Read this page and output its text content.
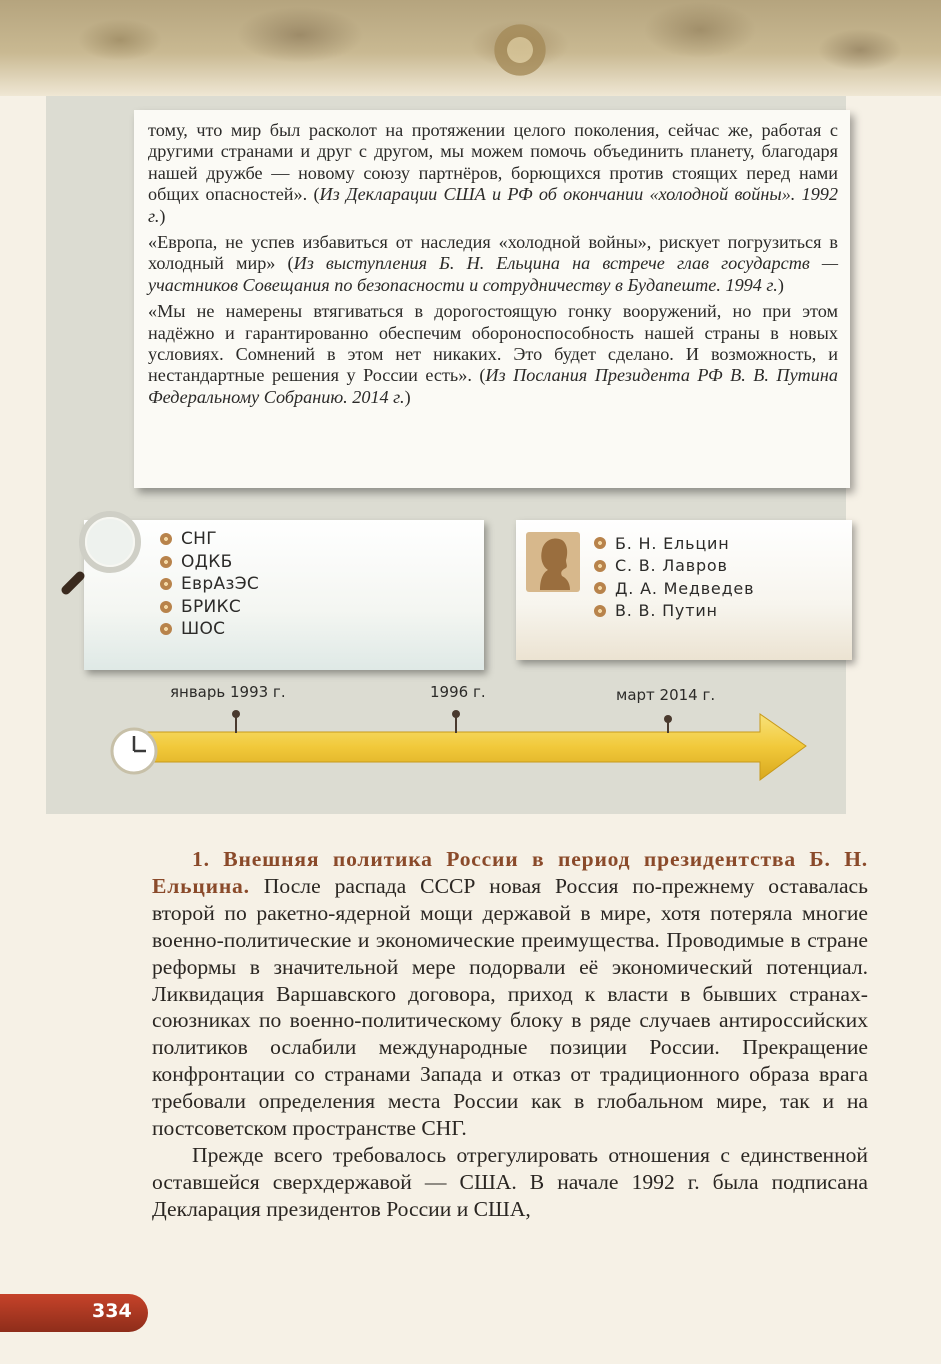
тому, что мир был расколот на протяжении целого поколения, сейчас же, работая с другими странами и друг с другом, мы можем помочь объединить планету, благодаря нашей дружбе — новому союзу партнёров, борющихся против стоящих перед нами общих опасностей». (Из Декларации США и РФ об окончании «холодной войны». 1992 г.)

«Европа, не успев избавиться от наследия «холодной войны», рискует погрузиться в холодный мир» (Из выступления Б. Н. Ельцина на встрече глав государств — участников Совещания по безопасности и сотрудничеству в Будапеште. 1994 г.)

«Мы не намерены втягиваться в дорогостоящую гонку вооружений, но при этом надёжно и гарантированно обеспечим обороноспособность нашей страны в новых условиях. Сомнений в этом нет никаких. Это будет сделано. И возможность, и нестандартные решения у России есть». (Из Послания Президента РФ В. В. Путина Федеральному Собранию. 2014 г.)

СНГ
ОДКБ
ЕврАзЭС
БРИКС
ШОС
Б. Н. Ельцин
С. В. Лавров
Д. А. Медведев
В. В. Путин
январь 1993 г.	1996 г.	март 2014 г.

1. Внешняя политика России в период президентства Б. Н. Ельцина. После распада СССР новая Россия по-прежнему оставалась второй по ракетно-ядерной мощи державой в мире, хотя потеряла многие военно-политические и экономические преимущества. Проводимые в стране реформы в значительной мере подорвали её экономический потенциал. Ликвидация Варшавского договора, приход к власти в бывших странах-союзниках по военно-политическому блоку в ряде случаев антироссийских политиков ослабили международные позиции России. Прекращение конфронтации со странами Запада и отказ от традиционного образа врага требовали определения места России как в глобальном мире, так и на постсоветском пространстве СНГ.

Прежде всего требовалось отрегулировать отношения с единственной оставшейся сверхдержавой — США. В начале 1992 г. была подписана Декларация президентов России и США,

334
